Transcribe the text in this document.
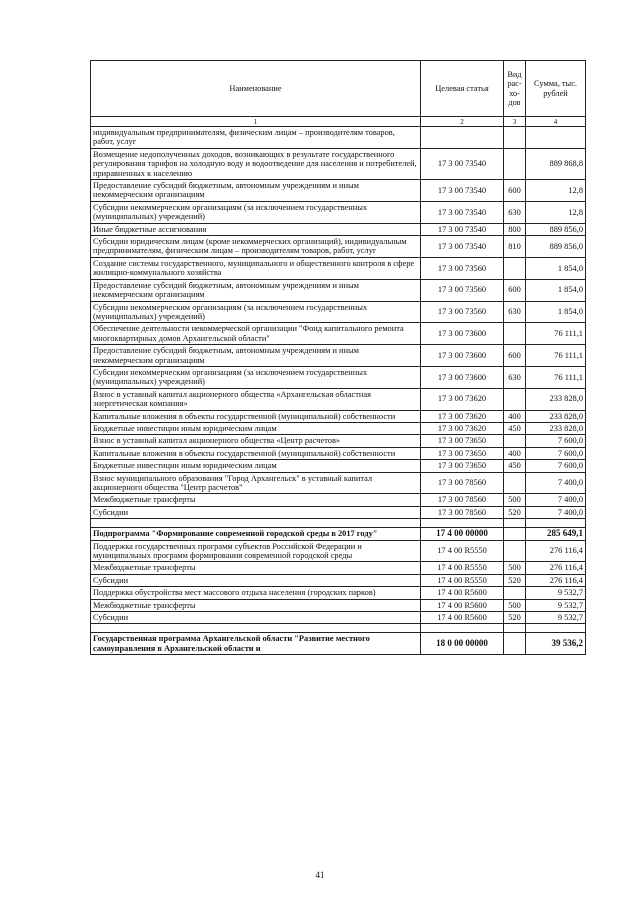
Наименование	Целевая статья	Вид рас-хо-дов	Сумма, тыс. рублей
1	2	3	4
индивидуальным предпринимателям, физическим лицам – производителям товаров, работ, услуг			
Возмещение недополученных доходов, возникающих в результате государственного регулирования тарифов на холодную воду и водоотведение для населения и потребителей, приравненных к населению	17 3 00 73540		889 868,8
Предоставление субсидий бюджетным, автономным учреждениям и иным некоммерческим организациям	17 3 00 73540	600	12,8
Субсидии некоммерческим организациям (за исключением государственных (муниципальных) учреждений)	17 3 00 73540	630	12,8
Иные бюджетные ассигнования	17 3 00 73540	800	889 856,0
Субсидии юридическим лицам (кроме некоммерческих организаций), индивидуальным предпринимателям, физическим лицам – производителям товаров, работ, услуг	17 3 00 73540	810	889 856,0
Создание системы государственного, муниципального и общественного контроля в сфере жилищно-коммунального хозяйства	17 3 00 73560		1 854,0
Предоставление субсидий бюджетным, автономным учреждениям и иным некоммерческим организациям	17 3 00 73560	600	1 854,0
Субсидии некоммерческим организациям (за исключением государственных (муниципальных) учреждений)	17 3 00 73560	630	1 854,0
Обеспечение деятельности некоммерческой организации "Фонд капитального ремонта многоквартирных домов Архангельской области"	17 3 00 73600		76 111,1
Предоставление субсидий бюджетным, автономным учреждениям и иным некоммерческим организациям	17 3 00 73600	600	76 111,1
Субсидии некоммерческим организациям (за исключением государственных (муниципальных) учреждений)	17 3 00 73600	630	76 111,1
Взнос в уставный капитал акционерного общества «Архангельская областная энергетическая компания»	17 3 00 73620		233 828,0
Капитальные вложения в объекты государственной (муниципальной) собственности	17 3 00 73620	400	233 828,0
Бюджетные инвестиции иным юридическим лицам	17 3 00 73620	450	233 828,0
Взнос в уставный капитал акционерного общества «Центр расчетов»	17 3 00 73650		7 600,0
Капитальные вложения в объекты государственной (муниципальной) собственности	17 3 00 73650	400	7 600,0
Бюджетные инвестиции иным юридическим лицам	17 3 00 73650	450	7 600,0
Взнос муниципального образования "Город Архангельск" в уставный капитал акционерного общества "Центр расчетов"	17 3 00 78560		7 400,0
Межбюджетные трансферты	17 3 00 78560	500	7 400,0
Субсидии	17 3 00 78560	520	7 400,0

Подпрограмма "Формирование современной городской среды в 2017 году"	17 4 00 00000		285 649,1
Поддержка государственных программ субъектов Российской Федерации и муниципальных программ формирования современной городской среды	17 4 00 R5550		276 116,4
Межбюджетные трансферты	17 4 00 R5550	500	276 116,4
Субсидии	17 4 00 R5550	520	276 116,4
Поддержка обустройства мест массового отдыха населения (городских парков)	17 4 00 R5600		9 532,7
Межбюджетные трансферты	17 4 00 R5600	500	9 532,7
Субсидии	17 4 00 R5600	520	9 532,7

Государственная программа Архангельской области "Развитие местного самоуправления в Архангельской области и	18 0 00 00000		39 536,2
41
